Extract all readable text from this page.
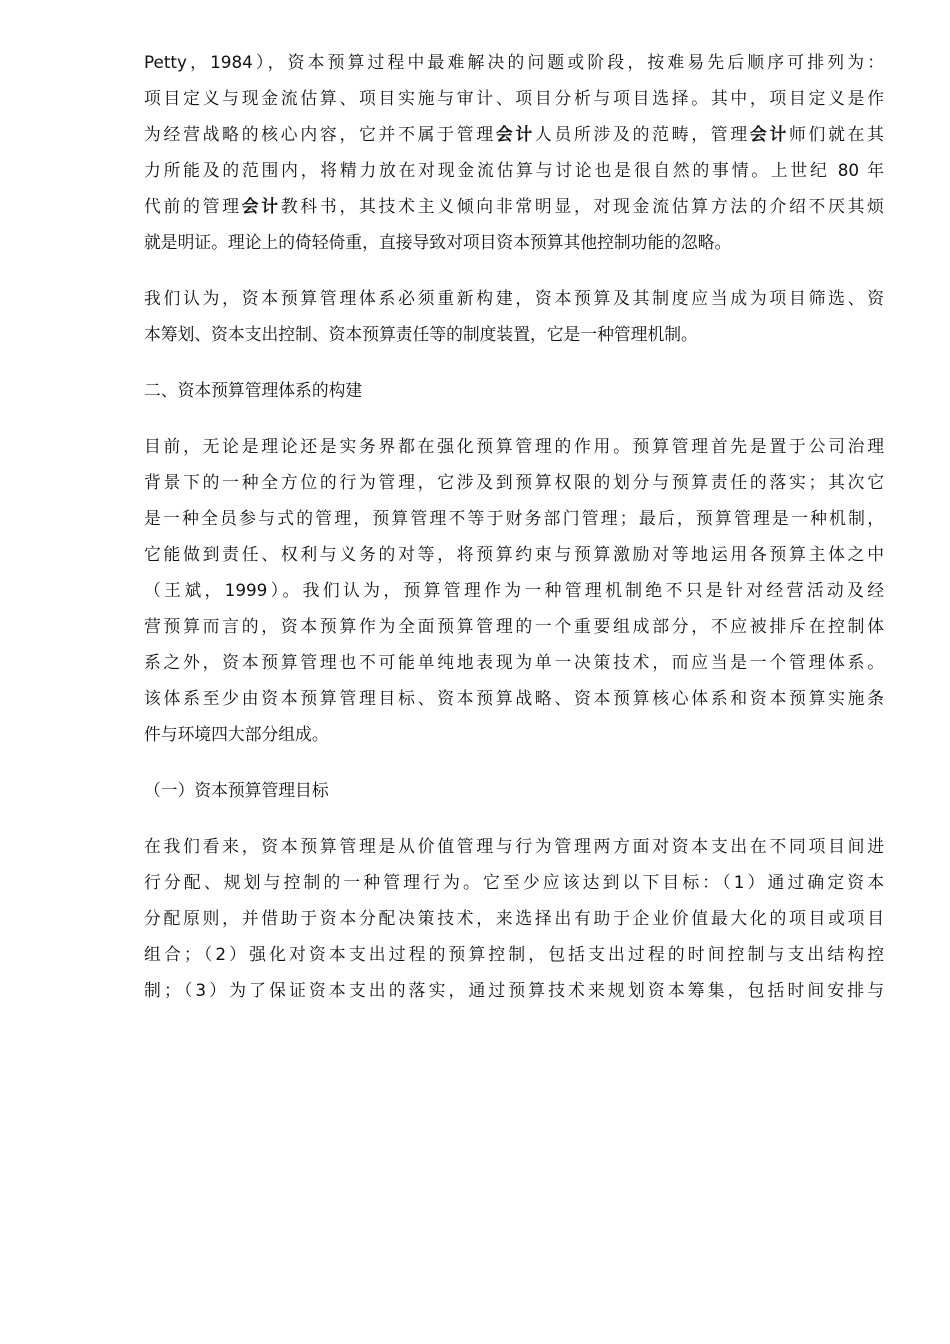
Petty，1984），资本预算过程中最难解决的问题或阶段，按难易先后顺序可排列为：
项目定义与现金流估算、项目实施与审计、项目分析与项目选择。其中，项目定义是作
为经营战略的核心内容，它并不属于管理会计人员所涉及的范畴，管理会计师们就在其
力所能及的范围内，将精力放在对现金流估算与讨论也是很自然的事情。上世纪 80 年
代前的管理会计教科书，其技术主义倾向非常明显，对现金流估算方法的介绍不厌其烦
就是明证。理论上的倚轻倚重，直接导致对项目资本预算其他控制功能的忽略。
我们认为，资本预算管理体系必须重新构建，资本预算及其制度应当成为项目筛选、资
本筹划、资本支出控制、资本预算责任等的制度装置，它是一种管理机制。
二、资本预算管理体系的构建
目前，无论是理论还是实务界都在强化预算管理的作用。预算管理首先是置于公司治理
背景下的一种全方位的行为管理，它涉及到预算权限的划分与预算责任的落实；其次它
是一种全员参与式的管理，预算管理不等于财务部门管理；最后，预算管理是一种机制，
它能做到责任、权利与义务的对等，将预算约束与预算激励对等地运用各预算主体之中
（王斌，1999）。我们认为，预算管理作为一种管理机制绝不只是针对经营活动及经
营预算而言的，资本预算作为全面预算管理的一个重要组成部分，不应被排斥在控制体
系之外，资本预算管理也不可能单纯地表现为单一决策技术，而应当是一个管理体系。
该体系至少由资本预算管理目标、资本预算战略、资本预算核心体系和资本预算实施条
件与环境四大部分组成。
（一）资本预算管理目标
在我们看来，资本预算管理是从价值管理与行为管理两方面对资本支出在不同项目间进
行分配、规划与控制的一种管理行为。它至少应该达到以下目标：（1）通过确定资本
分配原则，并借助于资本分配决策技术，来选择出有助于企业价值最大化的项目或项目
组合；（2）强化对资本支出过程的预算控制，包括支出过程的时间控制与支出结构控
制；（3）为了保证资本支出的落实，通过预算技术来规划资本筹集，包括时间安排与
